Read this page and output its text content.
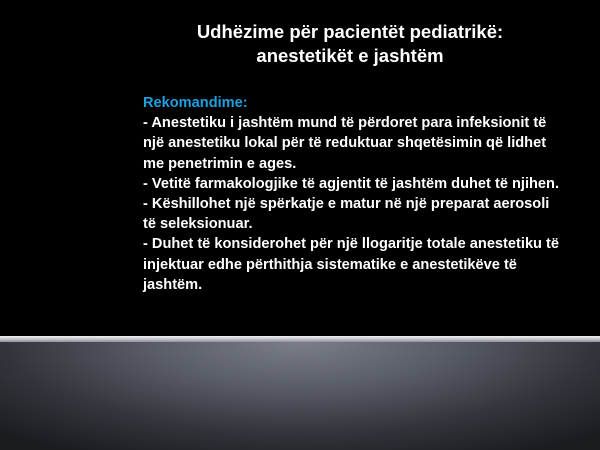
Udhëzime për pacientët pediatrikë:
anestetikët e jashtëm
Rekomandime:
- Anestetiku i jashtëm mund të përdoret para infeksionit të një anestetiku lokal për të reduktuar shqetësimin që lidhet me penetrimin e ages.
- Vetitë farmakologjike të agjentit të jashtëm duhet të njihen.
- Këshillohet një spërkatje e matur në një preparat aerosoli të seleksionuar.
- Duhet të konsiderohet për një llogaritje totale anestetiku të injektuar edhe përthithja sistematike e anestetikëve të jashtëm.
